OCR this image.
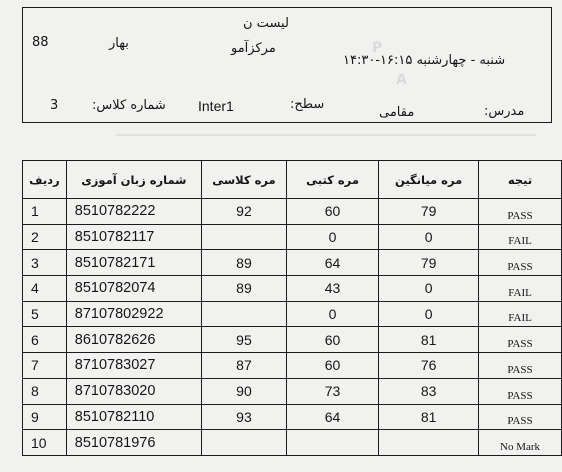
P
A
88	بهار
لیست ن
مرکزآمو
شنبه - چهارشنبه ۱۶:۱۵-۱۴:۳۰
3	شماره کلاس: Inter1	سطح:
مقامی	مدرس:
ردیف	شماره زبان آموزی	مره کلاسی	مره کتبی	مره میانگین	تیجه
1	8510782222	92	60	79	PASS
2	8510782117		0	0	FAIL
3	8510782171	89	64	79	PASS
4	8510782074	89	43	0	FAIL
5	87107802922		0	0	FAIL
6	8610782626	95	60	81	PASS
7	8710783027	87	60	76	PASS
8	8710783020	90	73	83	PASS
9	8510782110	93	64	81	PASS
10	8510781976				No Mark
